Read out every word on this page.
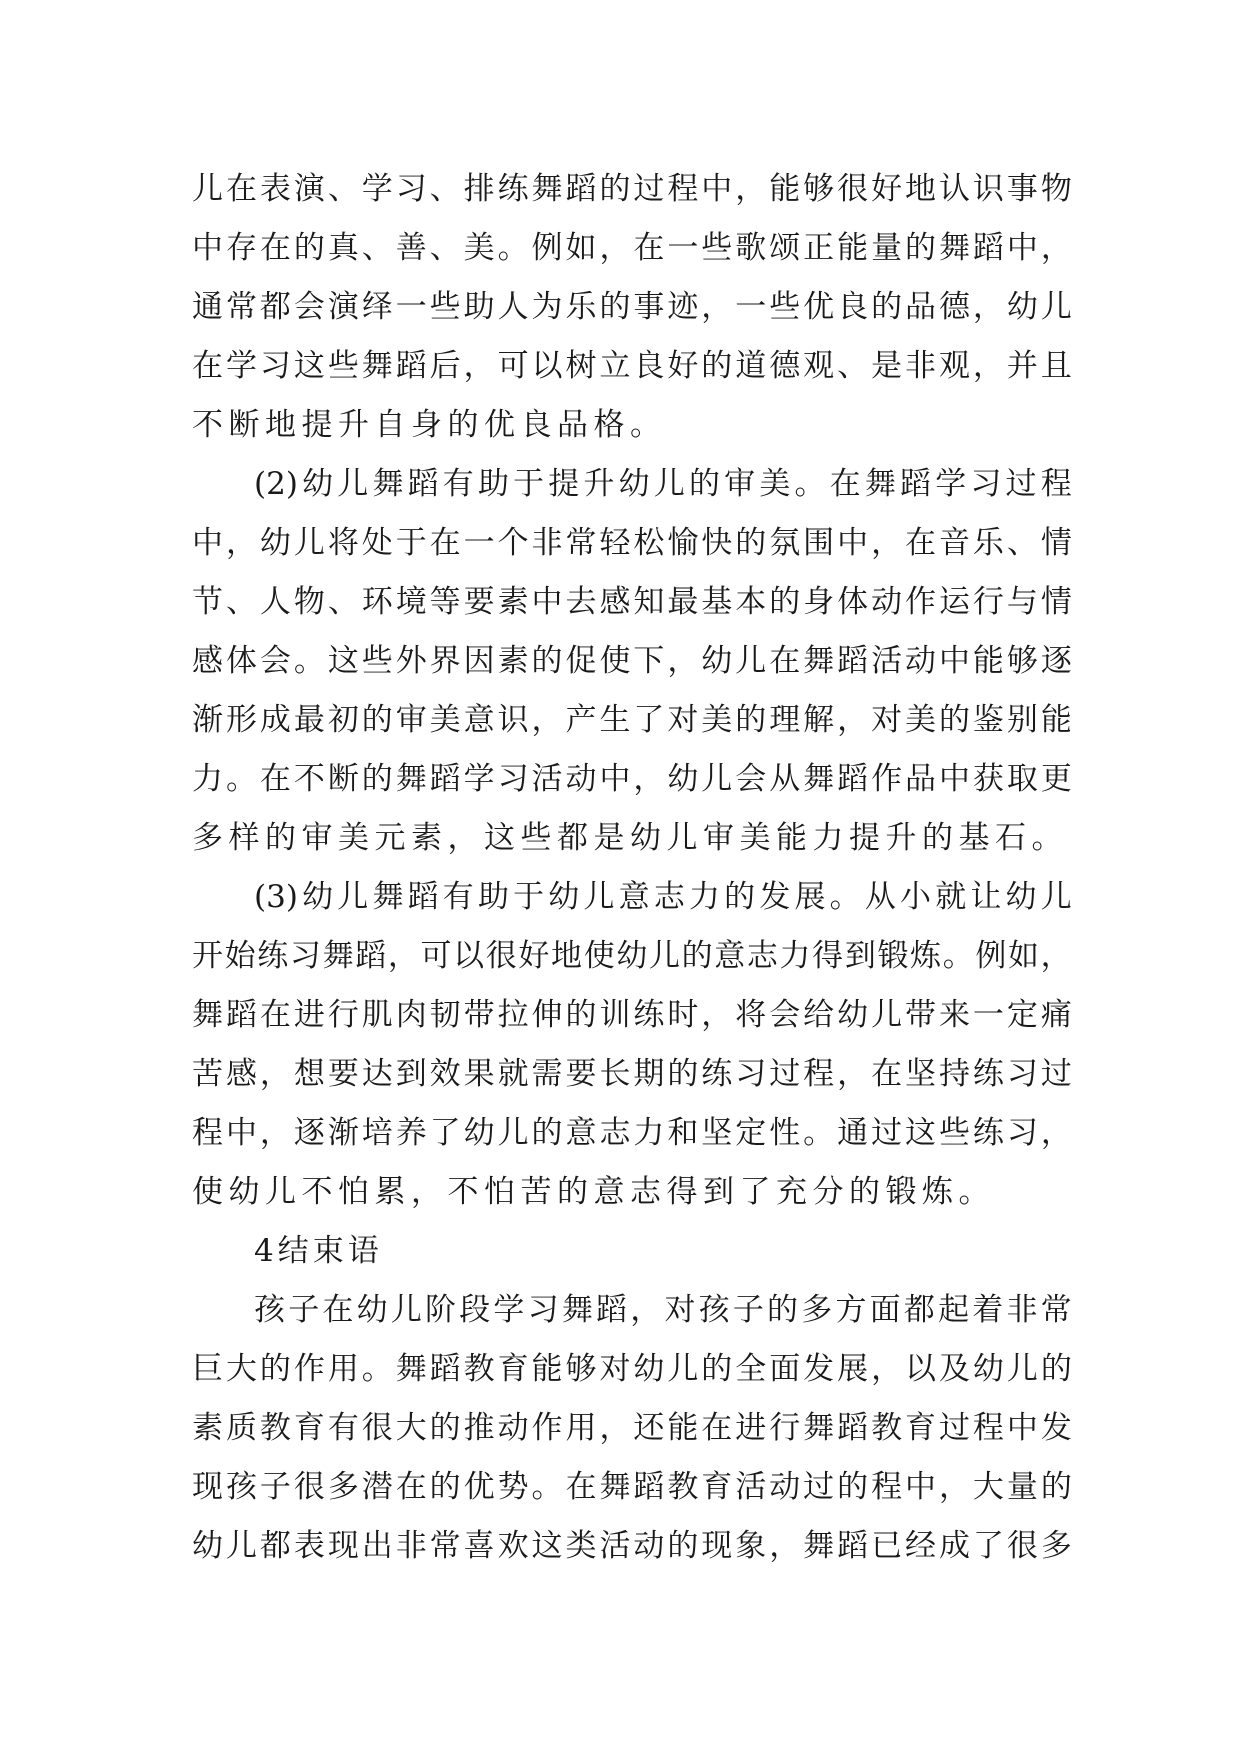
儿 在 表 演 、 学 习 、 排 练 舞 蹈 的 过 程 中 ， 能 够 很 好 地 认 识 事 物
中 存 在 的 真 、 善 、 美 。 例 如 ， 在 一 些 歌 颂 正 能 量 的 舞 蹈 中 ，
通 常 都 会 演 绎 一 些 助 人 为 乐 的 事 迹 ， 一 些 优 良 的 品 德 ， 幼 儿
在 学 习 这 些 舞 蹈 后 ， 可 以 树 立 良 好 的 道 德 观 、 是 非 观 ， 并 且
不断地提升自身的优良品格。
(2) 幼 儿 舞 蹈 有 助 于 提 升 幼 儿 的 审 美 。 在 舞 蹈 学 习 过 程
中 ， 幼 儿 将 处 于 在 一 个 非 常 轻 松 愉 快 的 氛 围 中 ， 在 音 乐 、 情
节 、 人 物 、 环 境 等 要 素 中 去 感 知 最 基 本 的 身 体 动 作 运 行 与 情
感 体 会 。 这 些 外 界 因 素 的 促 使 下 ， 幼 儿 在 舞 蹈 活 动 中 能 够 逐
渐 形 成 最 初 的 审 美 意 识 ， 产 生 了 对 美 的 理 解 ， 对 美 的 鉴 别 能
力 。 在 不 断 的 舞 蹈 学 习 活 动 中 ， 幼 儿 会 从 舞 蹈 作 品 中 获 取 更
多样的审美元素，这些都是幼儿审美能力提升的基石。
(3) 幼 儿 舞 蹈 有 助 于 幼 儿 意 志 力 的 发 展 。 从 小 就 让 幼 儿
开 始 练 习 舞 蹈 ， 可 以 很 好 地 使 幼 儿 的 意 志 力 得 到 锻 炼 。 例 如 ，
舞 蹈 在 进 行 肌 肉 韧 带 拉 伸 的 训 练 时 ， 将 会 给 幼 儿 带 来 一 定 痛
苦 感 ， 想 要 达 到 效 果 就 需 要 长 期 的 练 习 过 程 ， 在 坚 持 练 习 过
程 中 ， 逐 渐 培 养 了 幼 儿 的 意 志 力 和 坚 定 性 。 通 过 这 些 练 习 ，
使幼儿不怕累，不怕苦的意志得到了充分的锻炼。
4结束语
孩 子 在 幼 儿 阶 段 学 习 舞 蹈 ， 对 孩 子 的 多 方 面 都 起 着 非 常
巨 大 的 作 用 。 舞 蹈 教 育 能 够 对 幼 儿 的 全 面 发 展 ， 以 及 幼 儿 的
素 质 教 育 有 很 大 的 推 动 作 用 ， 还 能 在 进 行 舞 蹈 教 育 过 程 中 发
现 孩 子 很 多 潜 在 的 优 势 。 在 舞 蹈 教 育 活 动 过 的 程 中 ， 大 量 的
幼 儿 都 表 现 出 非 常 喜 欢 这 类 活 动 的 现 象 ， 舞 蹈 已 经 成 了 很 多
